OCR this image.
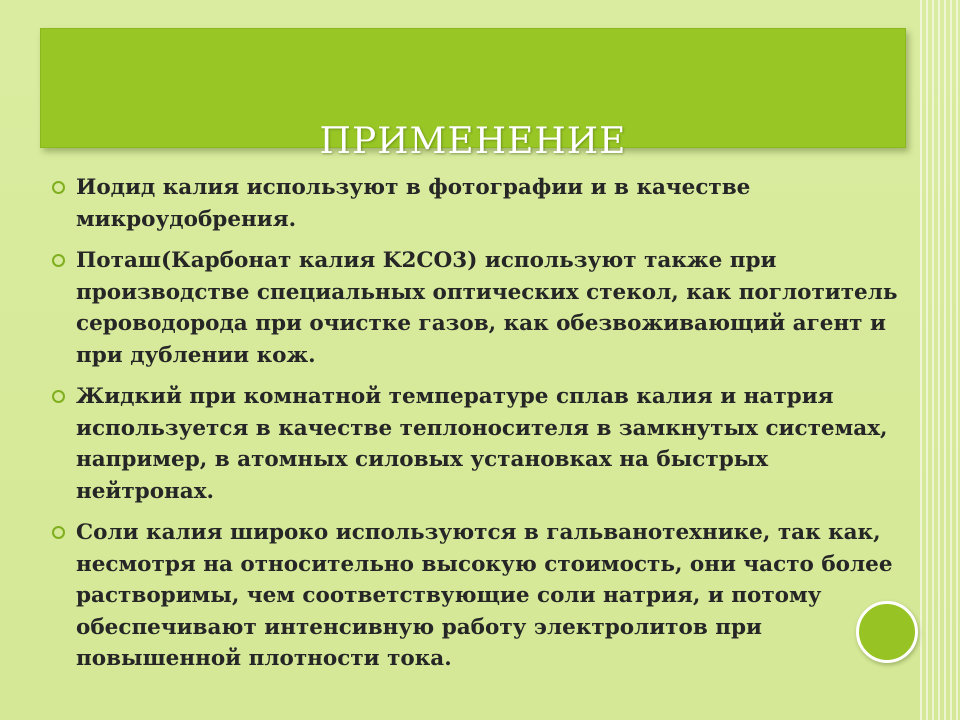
ПРИМЕНЕНИЕ
Иодид калия используют в фотографии и в качестве микроудобрения.
Поташ(Карбонат калия K2CO3) используют также при производстве специальных оптических стекол, как поглотитель сероводорода при очистке газов, как обезвоживающий агент и при дублении кож.
Жидкий при комнатной температуре сплав калия и натрия используется в качестве теплоносителя в замкнутых системах, например, в атомных силовых установках на быстрых нейтронах.
Соли калия широко используются в гальванотехнике, так как, несмотря на относительно высокую стоимость, они часто более растворимы, чем соответствующие соли натрия, и потому обеспечивают интенсивную работу электролитов при повышенной плотности тока.
